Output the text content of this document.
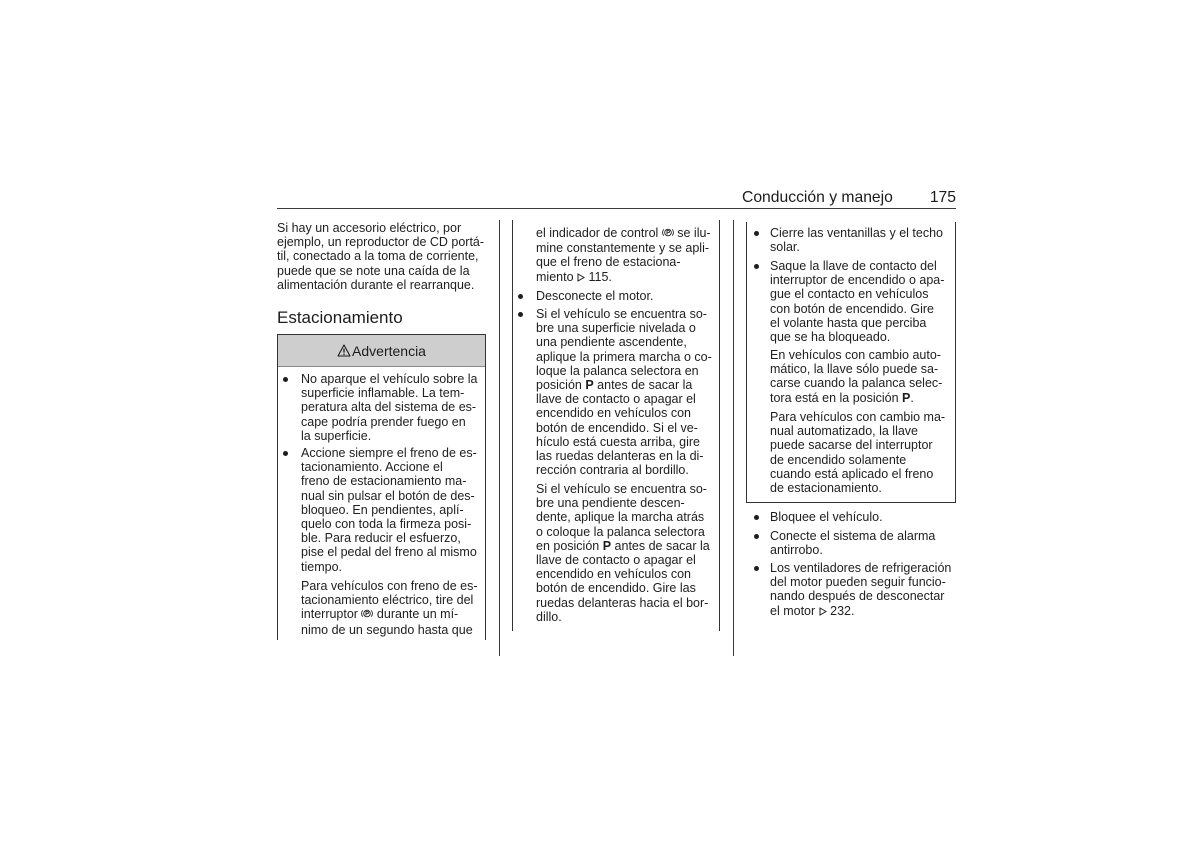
Conducción y manejo	175
Si hay un accesorio eléctrico, por
ejemplo, un reproductor de CD portá-
til, conectado a la toma de corriente,
puede que se note una caída de la
alimentación durante el rearranque.
Estacionamiento
Advertencia
No aparque el vehículo sobre la
superficie inflamable. La tem-
peratura alta del sistema de es-
cape podría prender fuego en
la superficie.
Accione siempre el freno de es-
tacionamiento. Accione el
freno de estacionamiento ma-
nual sin pulsar el botón de des-
bloqueo. En pendientes, aplí-
quelo con toda la firmeza posi-
ble. Para reducir el esfuerzo,
pise el pedal del freno al mismo
tiempo.
Para vehículos con freno de es-
tacionamiento eléctrico, tire del
interruptor  durante un mí-
nimo de un segundo hasta que
el indicador de control  se ilu-
mine constantemente y se apli-
que el freno de estaciona-
miento  115.
Desconecte el motor.
Si el vehículo se encuentra so-
bre una superficie nivelada o
una pendiente ascendente,
aplique la primera marcha o co-
loque la palanca selectora en
posición P antes de sacar la
llave de contacto o apagar el
encendido en vehículos con
botón de encendido. Si el ve-
hículo está cuesta arriba, gire
las ruedas delanteras en la di-
rección contraria al bordillo.
Si el vehículo se encuentra so-
bre una pendiente descen-
dente, aplique la marcha atrás
o coloque la palanca selectora
en posición P antes de sacar la
llave de contacto o apagar el
encendido en vehículos con
botón de encendido. Gire las
ruedas delanteras hacia el bor-
dillo.
Cierre las ventanillas y el techo
solar.
Saque la llave de contacto del
interruptor de encendido o apa-
gue el contacto en vehículos
con botón de encendido. Gire
el volante hasta que perciba
que se ha bloqueado.
En vehículos con cambio auto-
mático, la llave sólo puede sa-
carse cuando la palanca selec-
tora está en la posición P.
Para vehículos con cambio ma-
nual automatizado, la llave
puede sacarse del interruptor
de encendido solamente
cuando está aplicado el freno
de estacionamiento.
Bloquee el vehículo.
Conecte el sistema de alarma
antirrobo.
Los ventiladores de refrigeración
del motor pueden seguir funcio-
nando después de desconectar
el motor  232.
